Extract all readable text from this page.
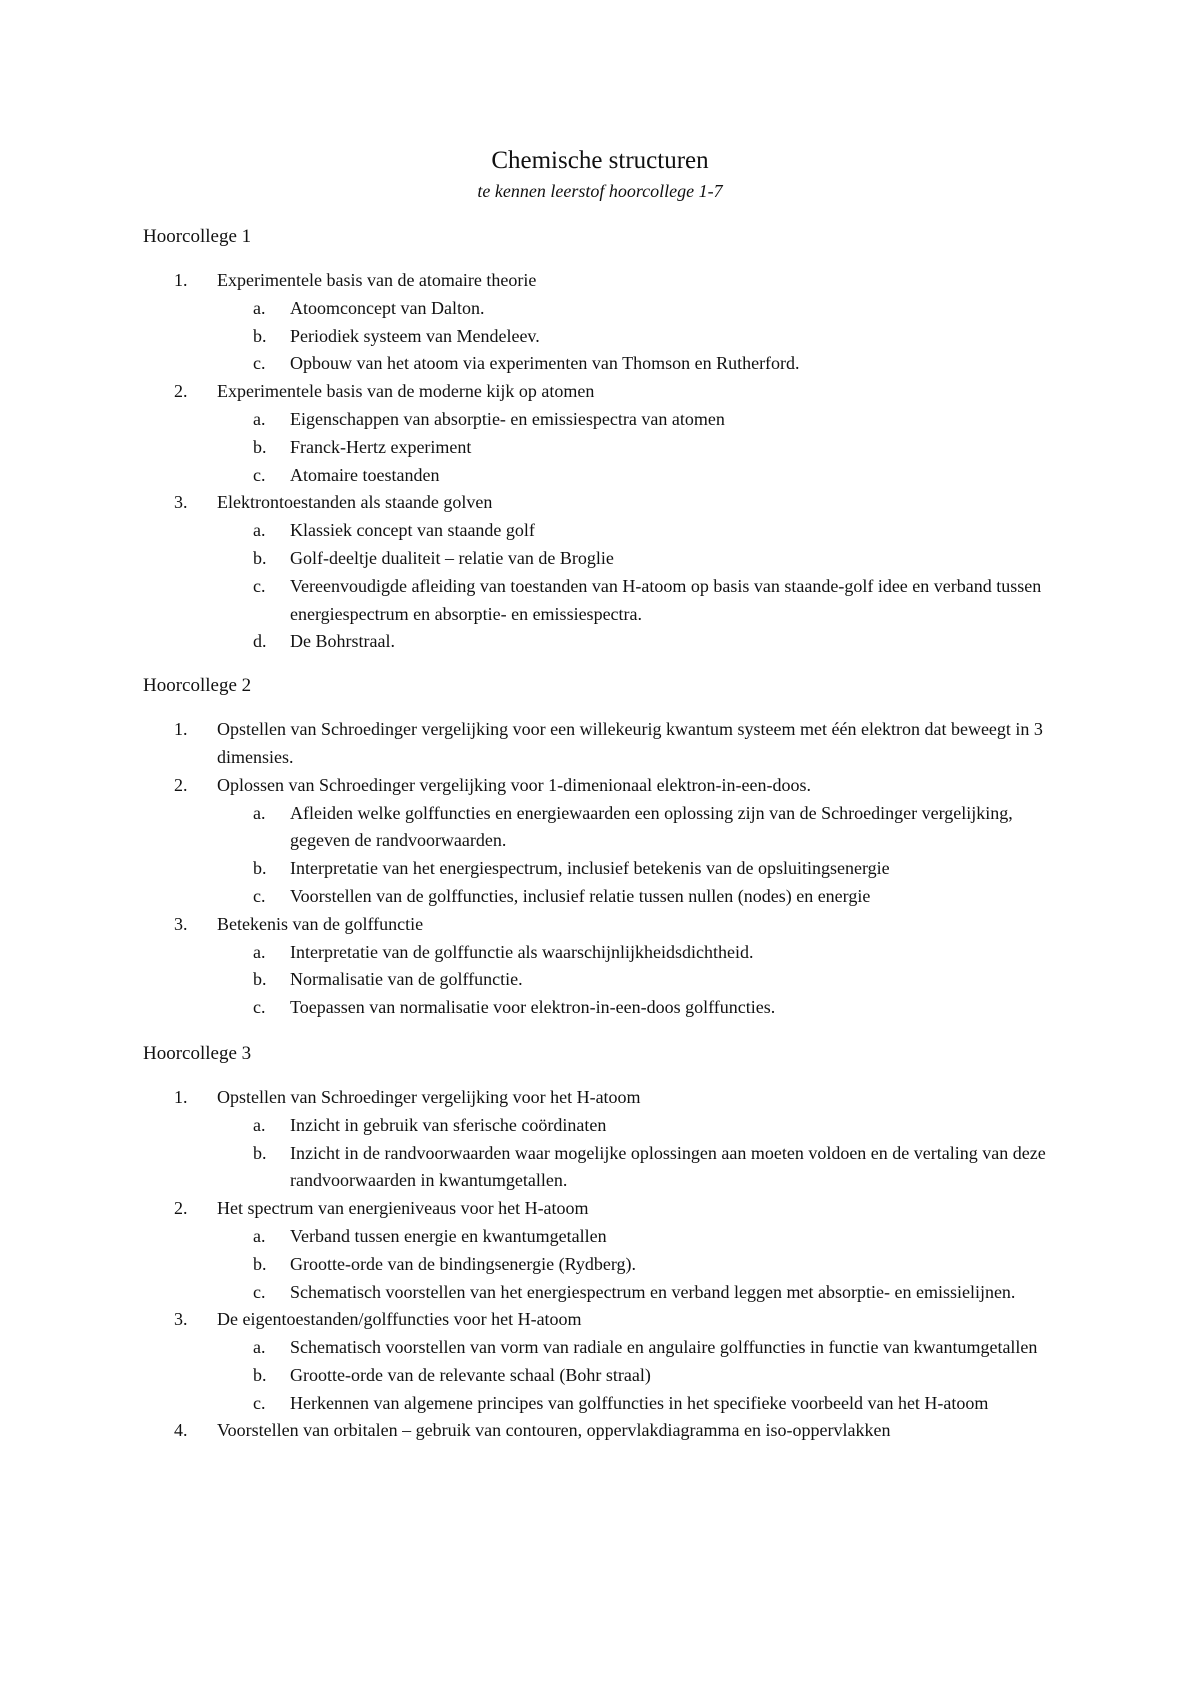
Chemische structuren

te kennen leerstof hoorcollege 1-7

Hoorcollege 1

1. Experimentele basis van de atomaire theorie
a. Atoomconcept van Dalton.
b. Periodiek systeem van Mendeleev.
c. Opbouw van het atoom via experimenten van Thomson en Rutherford.
2. Experimentele basis van de moderne kijk op atomen
a. Eigenschappen van absorptie- en emissiespectra van atomen
b. Franck-Hertz experiment
c. Atomaire toestanden
3. Elektrontoestanden als staande golven
a. Klassiek concept van staande golf
b. Golf-deeltje dualiteit – relatie van de Broglie
c. Vereenvoudigde afleiding van toestanden van H-atoom op basis van staande-golf idee en verband tussen energiespectrum en absorptie- en emissiespectra.
d. De Bohrstraal.

Hoorcollege 2

1. Opstellen van Schroedinger vergelijking voor een willekeurig kwantum systeem met één elektron dat beweegt in 3 dimensies.
2. Oplossen van Schroedinger vergelijking voor 1-dimenionaal elektron-in-een-doos.
a. Afleiden welke golffuncties en energiewaarden een oplossing zijn van de Schroedinger vergelijking, gegeven de randvoorwaarden.
b. Interpretatie van het energiespectrum, inclusief betekenis van de opsluitingsenergie
c. Voorstellen van de golffuncties, inclusief relatie tussen nullen (nodes) en energie
3. Betekenis van de golffunctie
a. Interpretatie van de golffunctie als waarschijnlijkheidsdichtheid.
b. Normalisatie van de golffunctie.
c. Toepassen van normalisatie voor elektron-in-een-doos golffuncties.

Hoorcollege 3

1. Opstellen van Schroedinger vergelijking voor het H-atoom
a. Inzicht in gebruik van sferische coördinaten
b. Inzicht in de randvoorwaarden waar mogelijke oplossingen aan moeten voldoen en de vertaling van deze randvoorwaarden in kwantumgetallen.
2. Het spectrum van energieniveaus voor het H-atoom
a. Verband tussen energie en kwantumgetallen
b. Grootte-orde van de bindingsenergie (Rydberg).
c. Schematisch voorstellen van het energiespectrum en verband leggen met absorptie- en emissielijnen.
3. De eigentoestanden/golffuncties voor het H-atoom
a. Schematisch voorstellen van vorm van radiale en angulaire golffuncties in functie van kwantumgetallen
b. Grootte-orde van de relevante schaal (Bohr straal)
c. Herkennen van algemene principes van golffuncties in het specifieke voorbeeld van het H-atoom
4. Voorstellen van orbitalen – gebruik van contouren, oppervlakdiagramma en iso-oppervlakken
